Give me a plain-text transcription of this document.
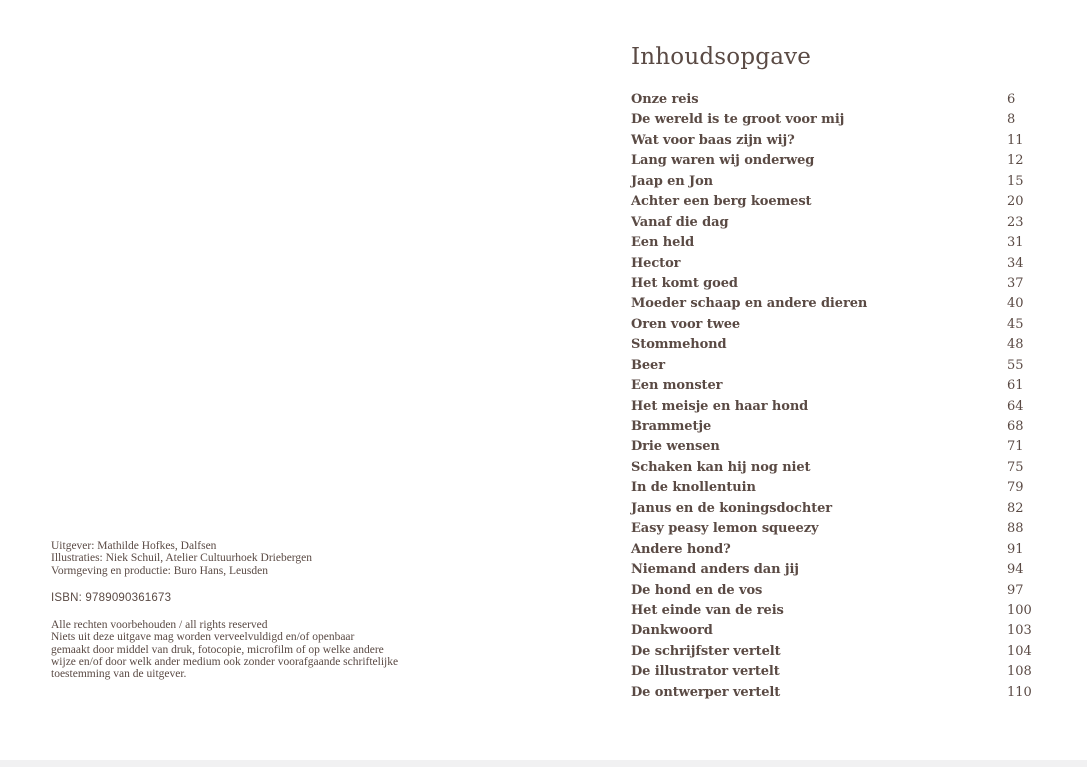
Uitgever: Mathilde Hofkes, Dalfsen
Illustraties: Niek Schuil, Atelier Cultuurhoek Driebergen
Vormgeving en productie: Buro Hans, Leusden
ISBN: 9789090361673
Alle rechten voorbehouden / all rights reserved
Niets uit deze uitgave mag worden verveelvuldigd en/of openbaar
gemaakt door middel van druk, fotocopie, microfilm of op welke andere
wijze en/of door welk ander medium ook zonder voorafgaande schriftelijke
toestemming van de uitgever.
Inhoudsopgave
Onze reis	6
De wereld is te groot voor mij	8
Wat voor baas zijn wij?	11
Lang waren wij onderweg	12
Jaap en Jon	15
Achter een berg koemest	20
Vanaf die dag	23
Een held	31
Hector	34
Het komt goed	37
Moeder schaap en andere dieren	40
Oren voor twee	45
Stommehond	48
Beer	55
Een monster	61
Het meisje en haar hond	64
Brammetje	68
Drie wensen	71
Schaken kan hij nog niet	75
In de knollentuin	79
Janus en de koningsdochter	82
Easy peasy lemon squeezy	88
Andere hond?	91
Niemand anders dan jij	94
De hond en de vos	97
Het einde van de reis	100
Dankwoord	103
De schrijfster vertelt	104
De illustrator vertelt	108
De ontwerper vertelt	110
